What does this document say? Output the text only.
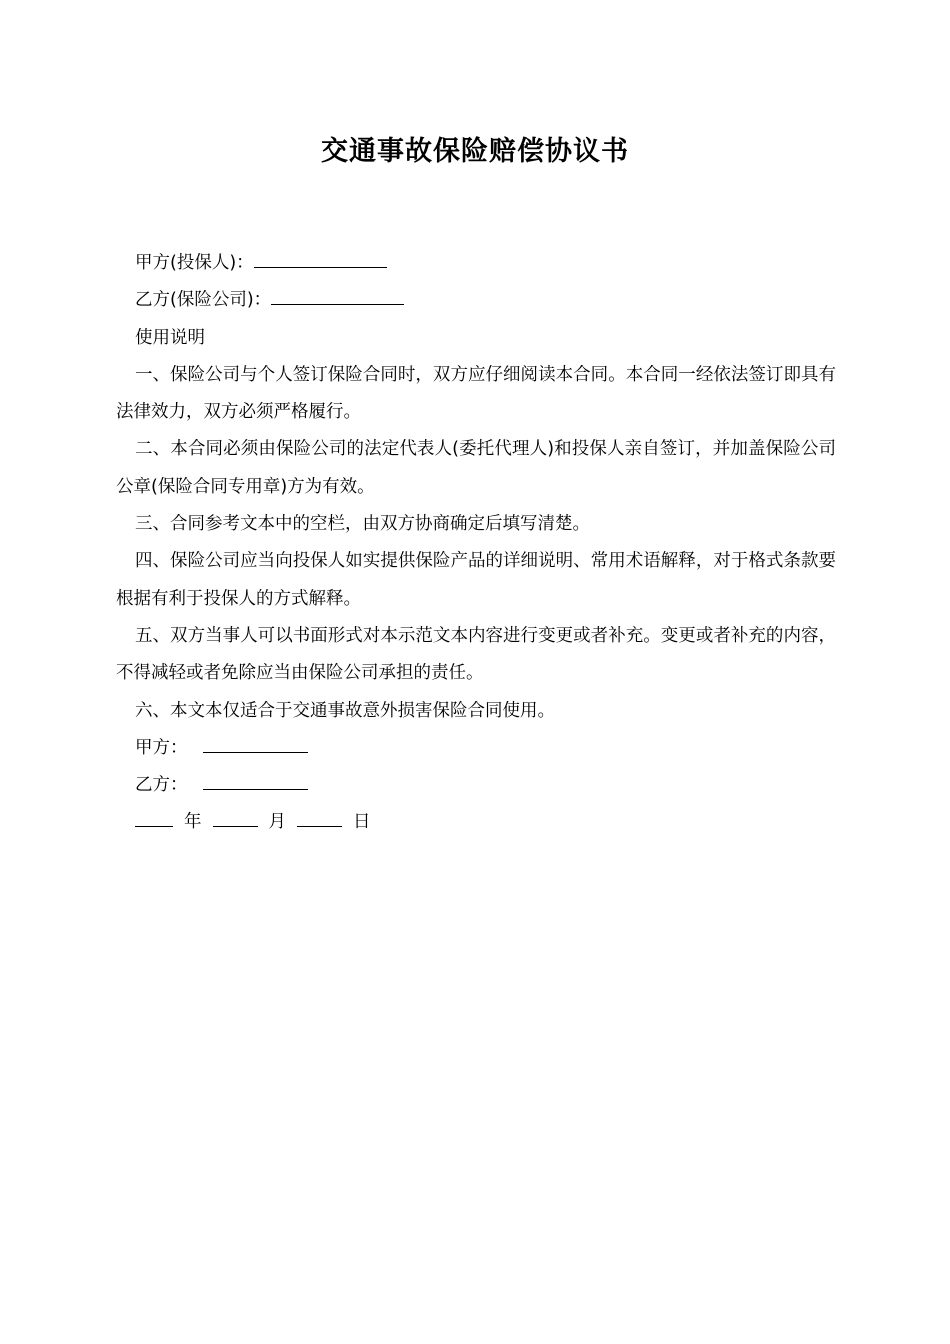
交通事故保险赔偿协议书
甲方(投保人)：
乙方(保险公司)：
使用说明
一、保险公司与个人签订保险合同时，双方应仔细阅读本合同。本合同一经依法签订即具有法律效力，双方必须严格履行。
二、本合同必须由保险公司的法定代表人(委托代理人)和投保人亲自签订，并加盖保险公司公章(保险合同专用章)方为有效。
三、合同参考文本中的空栏，由双方协商确定后填写清楚。
四、保险公司应当向投保人如实提供保险产品的详细说明、常用术语解释，对于格式条款要根据有利于投保人的方式解释。
五、双方当事人可以书面形式对本示范文本内容进行变更或者补充。变更或者补充的内容，不得减轻或者免除应当由保险公司承担的责任。
六、本文本仅适合于交通事故意外损害保险合同使用。
甲方：
乙方：
年	月	日
